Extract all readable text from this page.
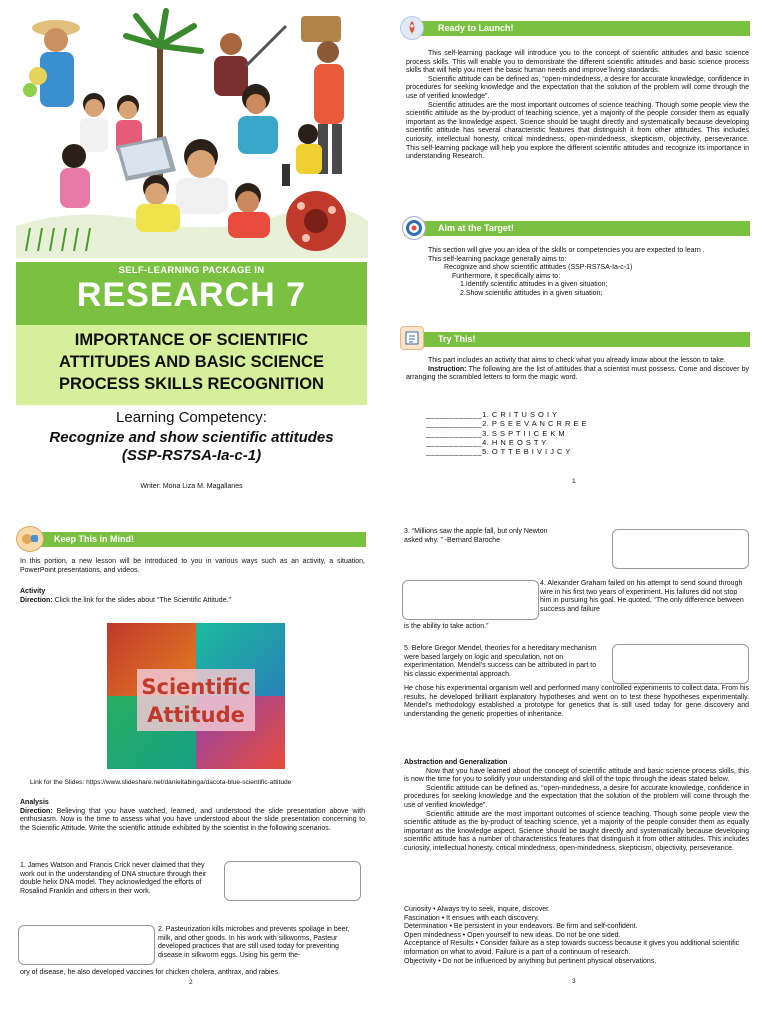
SELF-LEARNING PACKAGE IN
RESEARCH 7
IMPORTANCE OF SCIENTIFIC
ATTITUDES AND BASIC SCIENCE
PROCESS SKILLS RECOGNITION
Learning Competency:
Recognize and show scientific attitudes
(SSP-RS7SA-Ia-c-1)
Writer: Mona Liza M. Magallanes
Ready to Launch!

This self-learning package will introduce you to the concept of scientific attitudes and basic science process skills. This will enable you to demonstrate the different scientific attitudes and basic science process skills that will help you meet the basic human needs and improve living standards.

Scientific attitude can be defined as, “open-mindedness, a desire for accurate knowledge, confidence in procedures for seeking knowledge and the expectation that the solution of the problem will come through the use of verified knowledge”.

Scientific attitudes are the most important outcomes of science teaching. Though some people view the scientific attitude as the by-product of teaching science, yet a majority of the people consider them as equally important as the knowledge aspect. Science should be taught directly and systematically because developing scientific attitude has several characteristic features that distinguish it from other attitudes. This includes curiosity, intellectual honesty, critical mindedness, open-mindedness, skepticism, objectivity, perseverance. This self-learning package will help you explore the different scientific attitudes and recognize its importance in understanding Research.

Aim at the Target!

This section will give you an idea of the skills or competencies you are expected to learn .

This self-learning package generally aims to:

Recognize and show scientific attitudes (SSP-RS7SA-Ia-c-1)

Furthermore, it specifically aims to:

1.Identify scientific attitudes in a given situation;

2.Show scientific attitudes in a given situation;

Try This!

This part includes an activity that aims to check what you already know about the lesson to take.

Instruction: The following are the list of attitudes that a scientist must possess. Come and discover by arranging the scrambled letters to form the magic word.

____________1. C R I T U S O I Y
____________2. P S E E V A N C R R E E
____________3. S S P T I I C E K M
____________4. H N E O S T Y
____________5. O T T E B I V I J C Y
1
Keep This in Mind!
In this portion, a new lesson will be introduced to you in various ways such as an activity, a situation, PowerPoint presentations, and videos.

Activity

Direction: Click the link for the slides about “The Scientific Attitude.”

Scientific
Attitude
Link for the Slides: https://www.slideshare.net/danieltabinga/dacota-blue-scientific-attitude

Analysis

Direction: Believing that you have watched, learned, and understood the slide presentation above with enthusiasm. Now is the time to assess what you have understood about the slide presentation concerning to the Scientific Attitude. Write the scientific attitude exhibited by the scientist in the following scenarios.

1. James Watson and Francis Crick never claimed that they work out in the understanding of DNA structure through their double helix DNA model. They acknowledged the efforts of Rosalind Franklin and others in their work.
2. Pasteurization kills microbes and prevents spoilage in beer, milk, and other goods. In his work with silkworms, Pasteur developed practices that are still used today for preventing disease in silkworm eggs. Using his germ the-
ory of disease, he also developed vaccines for chicken cholera, anthrax, and rabies.
2
3. “Millions saw the apple fall, but only Newton asked why. ” -Bernard Baroche
4. Alexander Graham failed on his attempt to send sound through wire in his first two years of experiment. His failures did not stop him in pursuing his goal. He quoted, “The only difference between success and failure
is the ability to take action.”
5. Before Gregor Mendel, theories for a hereditary mechanism were based largely on logic and speculation, not on experimentation. Mendel’s success can be attributed in part to his classic experimental approach.
He chose his experimental organism well and performed many controlled experiments to collect data. From his results, he developed brilliant explanatory hypotheses and went on to test these hypotheses experimentally. Mendel’s methodology established a prototype for genetics that is still used today for gene discovery and understanding the genetic properties of inheritance.

Abstraction and Generalization

Now that you have learned about the concept of scientific attitude and basic science process skills, this is now the time for you to solidify your understanding and skill of the topic through the ideas stated below.

Scientific attitude can be defined as, “open-mindedness, a desire for accurate knowledge, confidence in procedures for seeking knowledge and the expectation that the solution of the problem will come through the use of verified knowledge”.

Scientific attitude are the most important outcomes of science teaching. Though some people view the scientific attitude as the by-product of teaching science, yet a majority of the people consider them as equally important as the knowledge aspect. Science should be taught directly and systematically because developing scientific attitude has a number of characteristics features that distinguish it from other attitudes. This includes curiosity, intellectual honesty, critical mindedness, open-mindedness, skepticism, objectivity, perseverance.

Curiosity • Always try to seek, inquire, discover.

Fascination • It ensues with each discovery.

Determination • Be persistent in your endeavors. Be firm and self-confident.

Open mindedness • Open yourself to new ideas. Do not be one sided.

Acceptance of Results • Consider failure as a step towards success because it gives you additional scientific information on what to avoid. Failure is a part of a continuum of research.

Objectivity • Do not be influenced by anything but pertinent physical observations.

3
